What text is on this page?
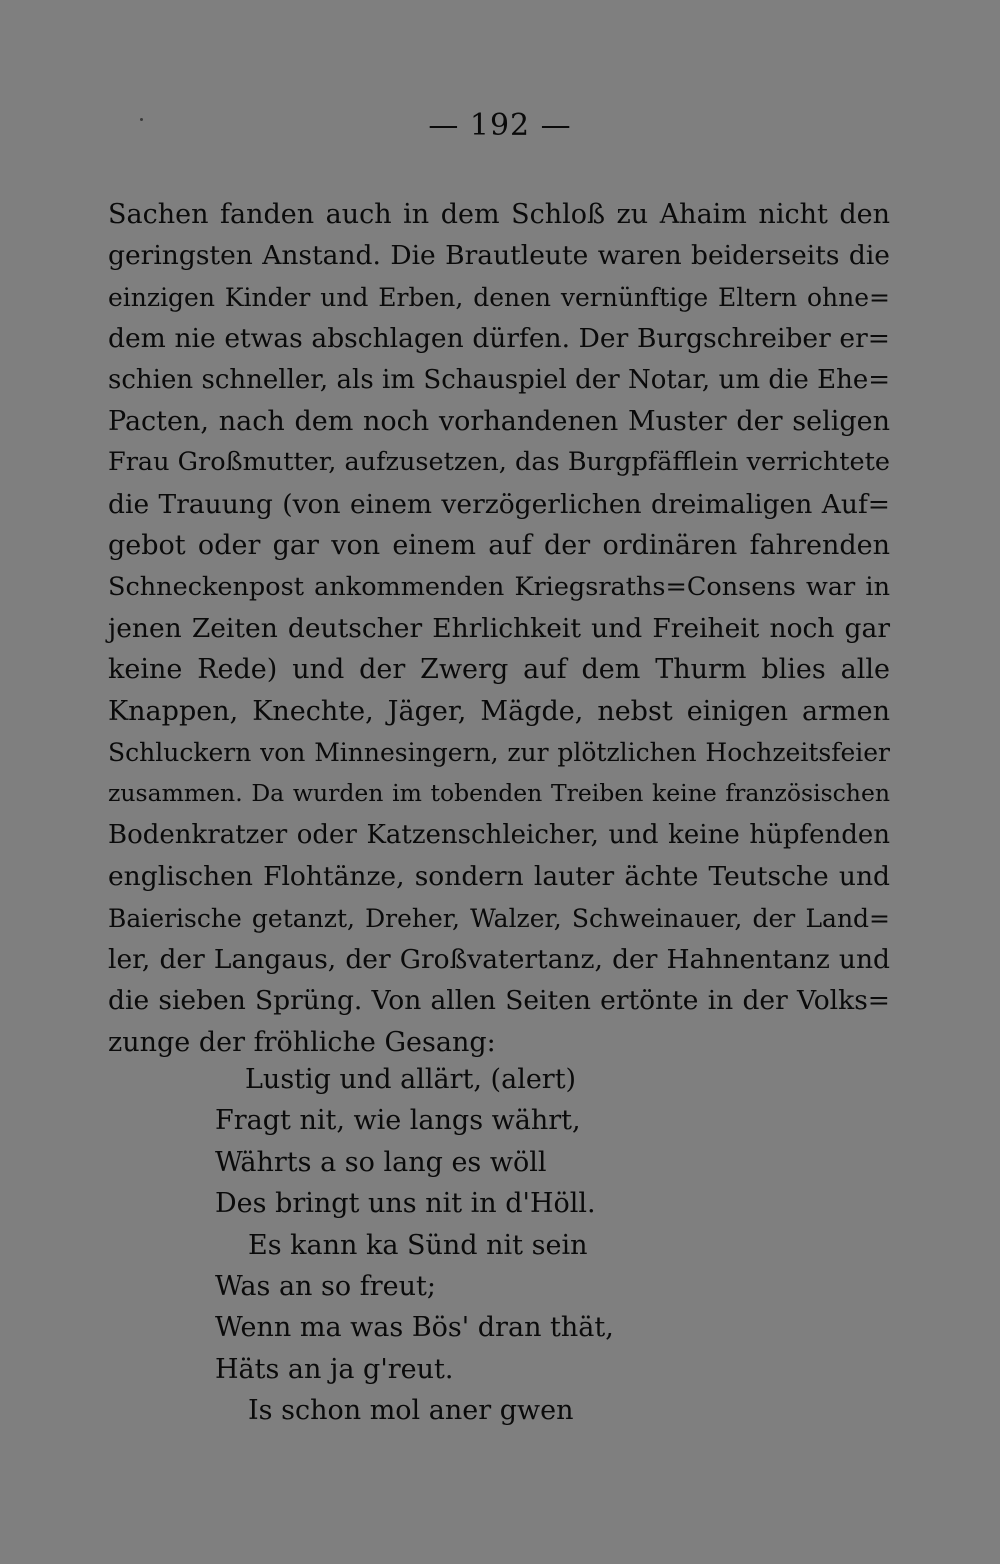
— 192 —
Sachen fanden auch in dem Schloß zu Ahaim nicht den
geringsten Anstand. Die Brautleute waren beiderseits die
einzigen Kinder und Erben, denen vernünftige Eltern ohne=
dem nie etwas abschlagen dürfen. Der Burgschreiber er=
schien schneller, als im Schauspiel der Notar, um die Ehe=
Pacten, nach dem noch vorhandenen Muster der seligen
Frau Großmutter, aufzusetzen, das Burgpfäfflein verrichtete
die Trauung (von einem verzögerlichen dreimaligen Auf=
gebot oder gar von einem auf der ordinären fahrenden
Schneckenpost ankommenden Kriegsraths=Consens war in
jenen Zeiten deutscher Ehrlichkeit und Freiheit noch gar
keine Rede) und der Zwerg auf dem Thurm blies alle
Knappen, Knechte, Jäger, Mägde, nebst einigen armen
Schluckern von Minnesingern, zur plötzlichen Hochzeitsfeier
zusammen. Da wurden im tobenden Treiben keine französischen
Bodenkratzer oder Katzenschleicher, und keine hüpfenden
englischen Flohtänze, sondern lauter ächte Teutsche und
Baierische getanzt, Dreher, Walzer, Schweinauer, der Land=
ler, der Langaus, der Großvatertanz, der Hahnentanz und
die sieben Sprüng. Von allen Seiten ertönte in der Volks=
zunge der fröhliche Gesang:
Lustig und allärt, (alert)
Fragt nit, wie langs währt,
Währts a so lang es wöll
Des bringt uns nit in d'Höll.
Es kann ka Sünd nit sein
Was an so freut;
Wenn ma was Bös' dran thät,
Häts an ja g'reut.
Is schon mol aner gwen
